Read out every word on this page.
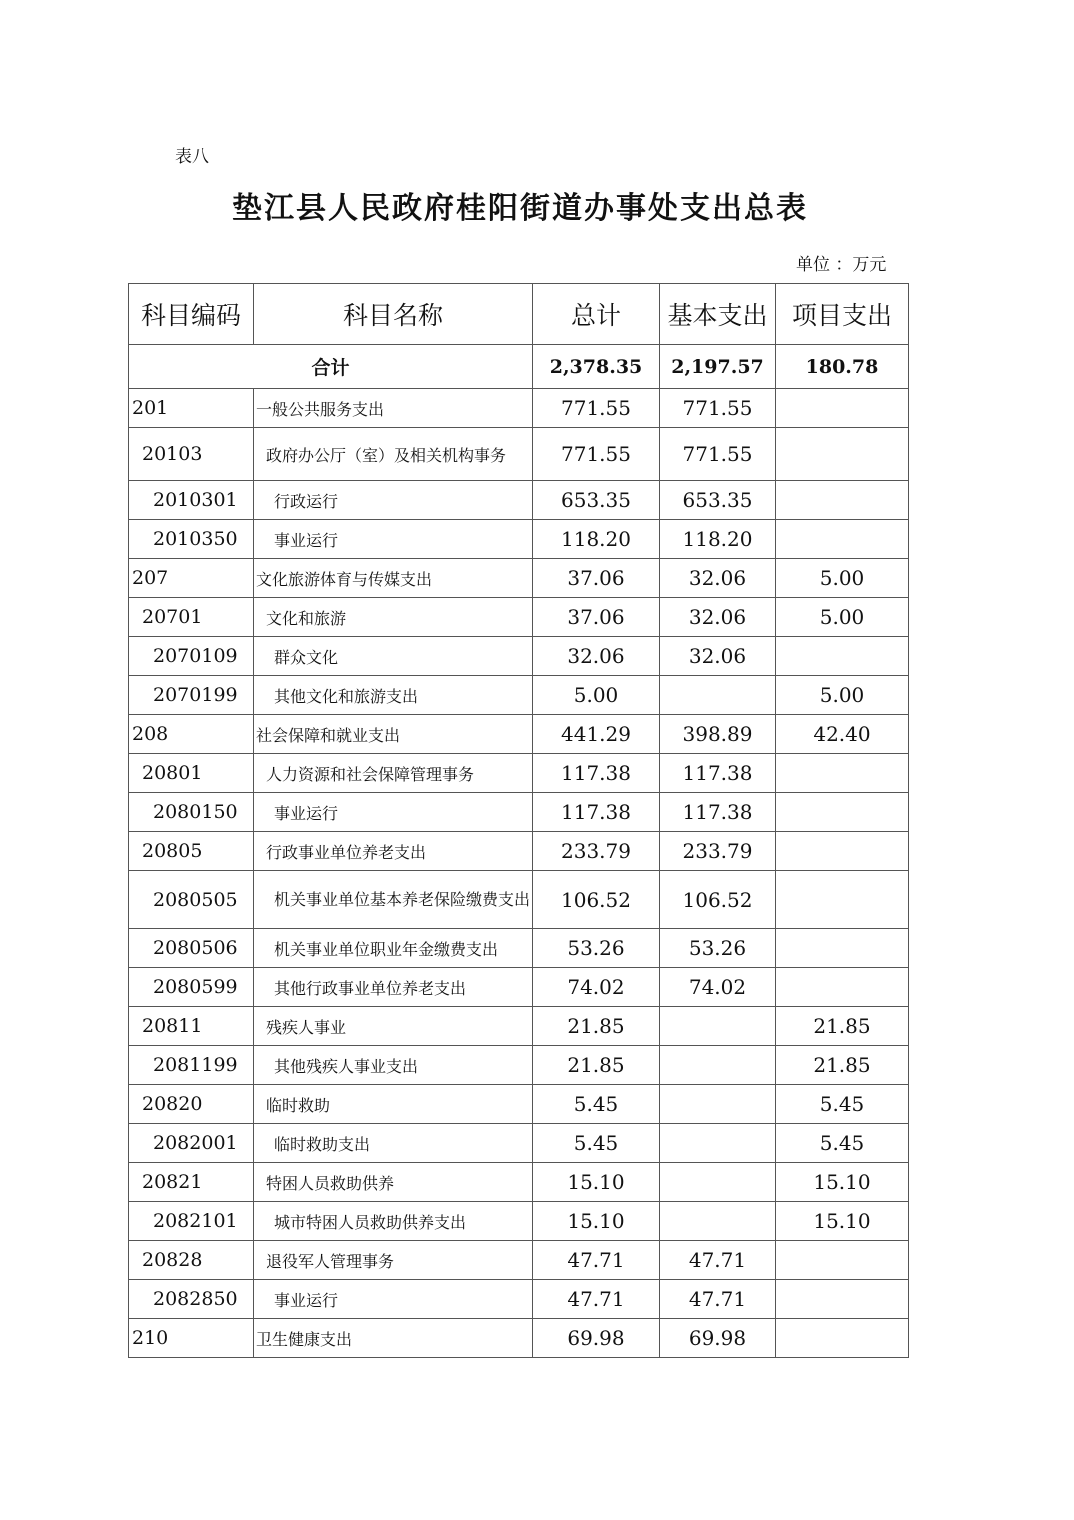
表八
垫江县人民政府桂阳街道办事处支出总表
单位 ：万元
科目编码	科目名称	总计	基本支出	项目支出
合计		2,378.35	2,197.57	180.78
201	一般公共服务支出	771.55	771.55	
20103	政府办公厅（室）及相关机构事务	771.55	771.55	
2010301	行政运行	653.35	653.35	
2010350	事业运行	118.20	118.20	
207	文化旅游体育与传媒支出	37.06	32.06	5.00
20701	文化和旅游	37.06	32.06	5.00
2070109	群众文化	32.06	32.06	
2070199	其他文化和旅游支出	5.00		5.00
208	社会保障和就业支出	441.29	398.89	42.40
20801	人力资源和社会保障管理事务	117.38	117.38	
2080150	事业运行	117.38	117.38	
20805	行政事业单位养老支出	233.79	233.79	
2080505	机关事业单位基本养老保险缴费支出	106.52	106.52	
2080506	机关事业单位职业年金缴费支出	53.26	53.26	
2080599	其他行政事业单位养老支出	74.02	74.02	
20811	残疾人事业	21.85		21.85
2081199	其他残疾人事业支出	21.85		21.85
20820	临时救助	5.45		5.45
2082001	临时救助支出	5.45		5.45
20821	特困人员救助供养	15.10		15.10
2082101	城市特困人员救助供养支出	15.10		15.10
20828	退役军人管理事务	47.71	47.71	
2082850	事业运行	47.71	47.71	
210	卫生健康支出	69.98	69.98	
